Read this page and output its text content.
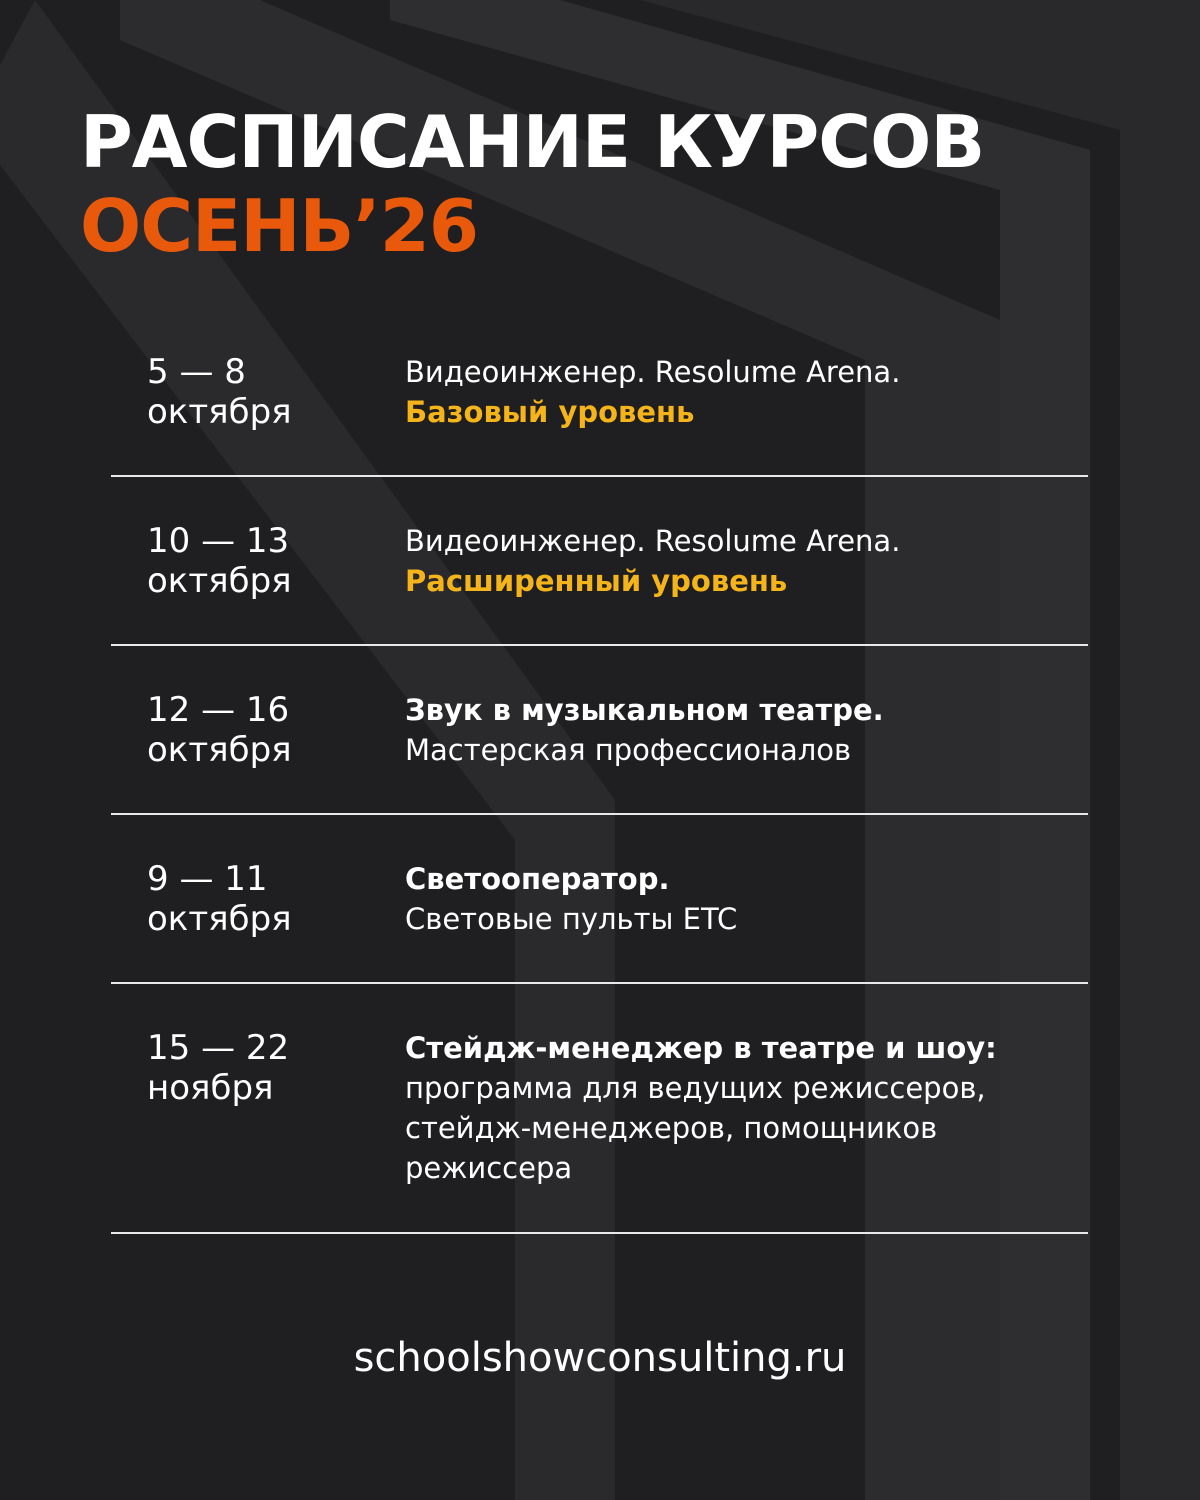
РАСПИСАНИЕ КУРСОВ
ОСЕНЬ’26
5 — 8
октября
Видеоинженер. Resolume Arena.
Базовый уровень
10 — 13
октября
Видеоинженер. Resolume Arena.
Расширенный уровень
12 — 16
октября
Звук в музыкальном театре.
Мастерская профессионалов
9 — 11
октября
Светооператор.
Световые пульты ETC
15 — 22
ноября
Стейдж-менеджер в театре и шоу:
программа для ведущих режиссеров,
стейдж-менеджеров, помощников
режиссера
schoolshowconsulting.ru
